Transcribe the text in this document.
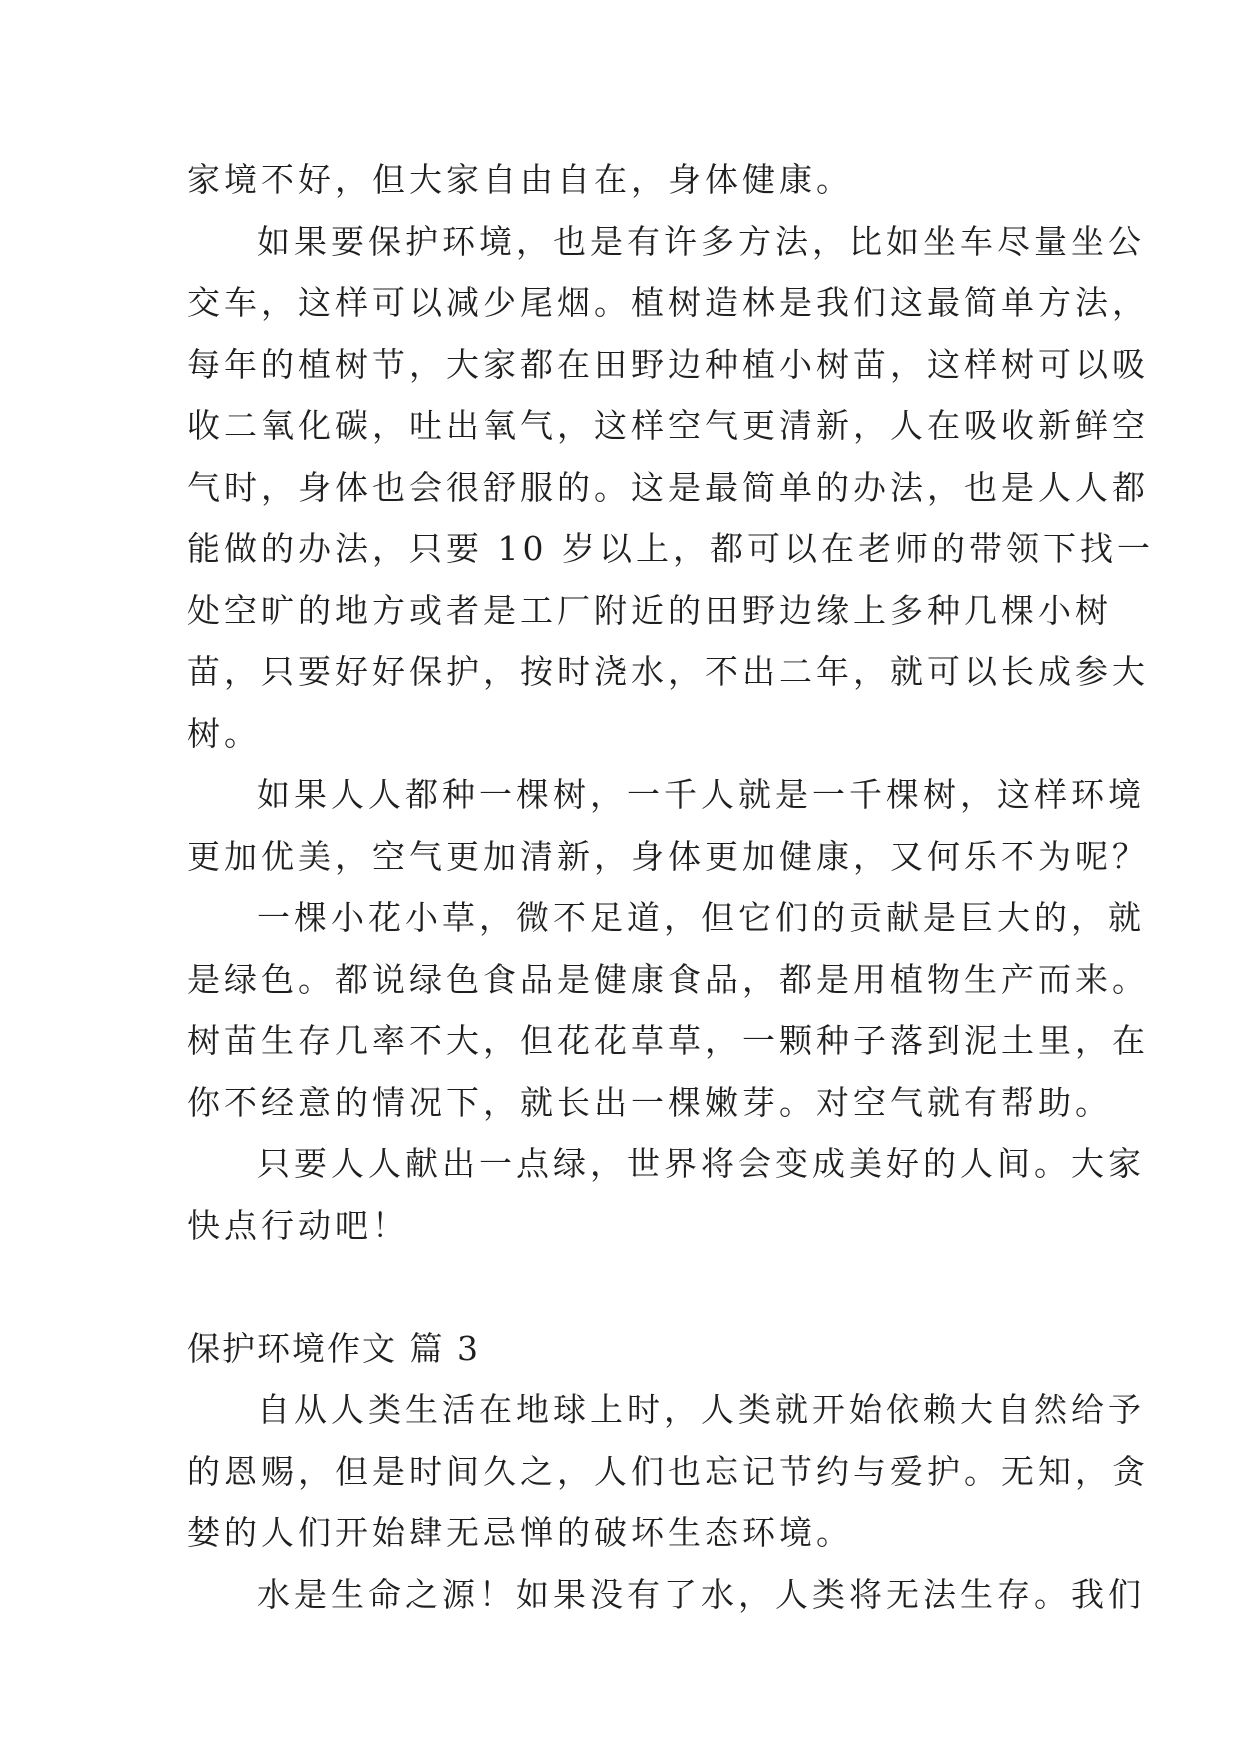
家境不好，但大家自由自在，身体健康。
如果要保护环境，也是有许多方法，比如坐车尽量坐公
交车，这样可以减少尾烟。植树造林是我们这最简单方法，
每年的植树节，大家都在田野边种植小树苗，这样树可以吸
收二氧化碳，吐出氧气，这样空气更清新，人在吸收新鲜空
气时，身体也会很舒服的。这是最简单的办法，也是人人都
能做的办法，只要 10 岁以上，都可以在老师的带领下找一
处空旷的地方或者是工厂附近的田野边缘上多种几棵小树
苗，只要好好保护，按时浇水，不出二年，就可以长成参大
树。
如果人人都种一棵树，一千人就是一千棵树，这样环境
更加优美，空气更加清新，身体更加健康，又何乐不为呢？
一棵小花小草，微不足道，但它们的贡献是巨大的，就
是绿色。都说绿色食品是健康食品，都是用植物生产而来。
树苗生存几率不大，但花花草草，一颗种子落到泥土里，在
你不经意的情况下，就长出一棵嫩芽。对空气就有帮助。
只要人人献出一点绿，世界将会变成美好的人间。大家
快点行动吧！
保护环境作文 篇 3
自从人类生活在地球上时，人类就开始依赖大自然给予
的恩赐，但是时间久之，人们也忘记节约与爱护。无知，贪
婪的人们开始肆无忌惮的破坏生态环境。
水是生命之源！如果没有了水，人类将无法生存。我们
